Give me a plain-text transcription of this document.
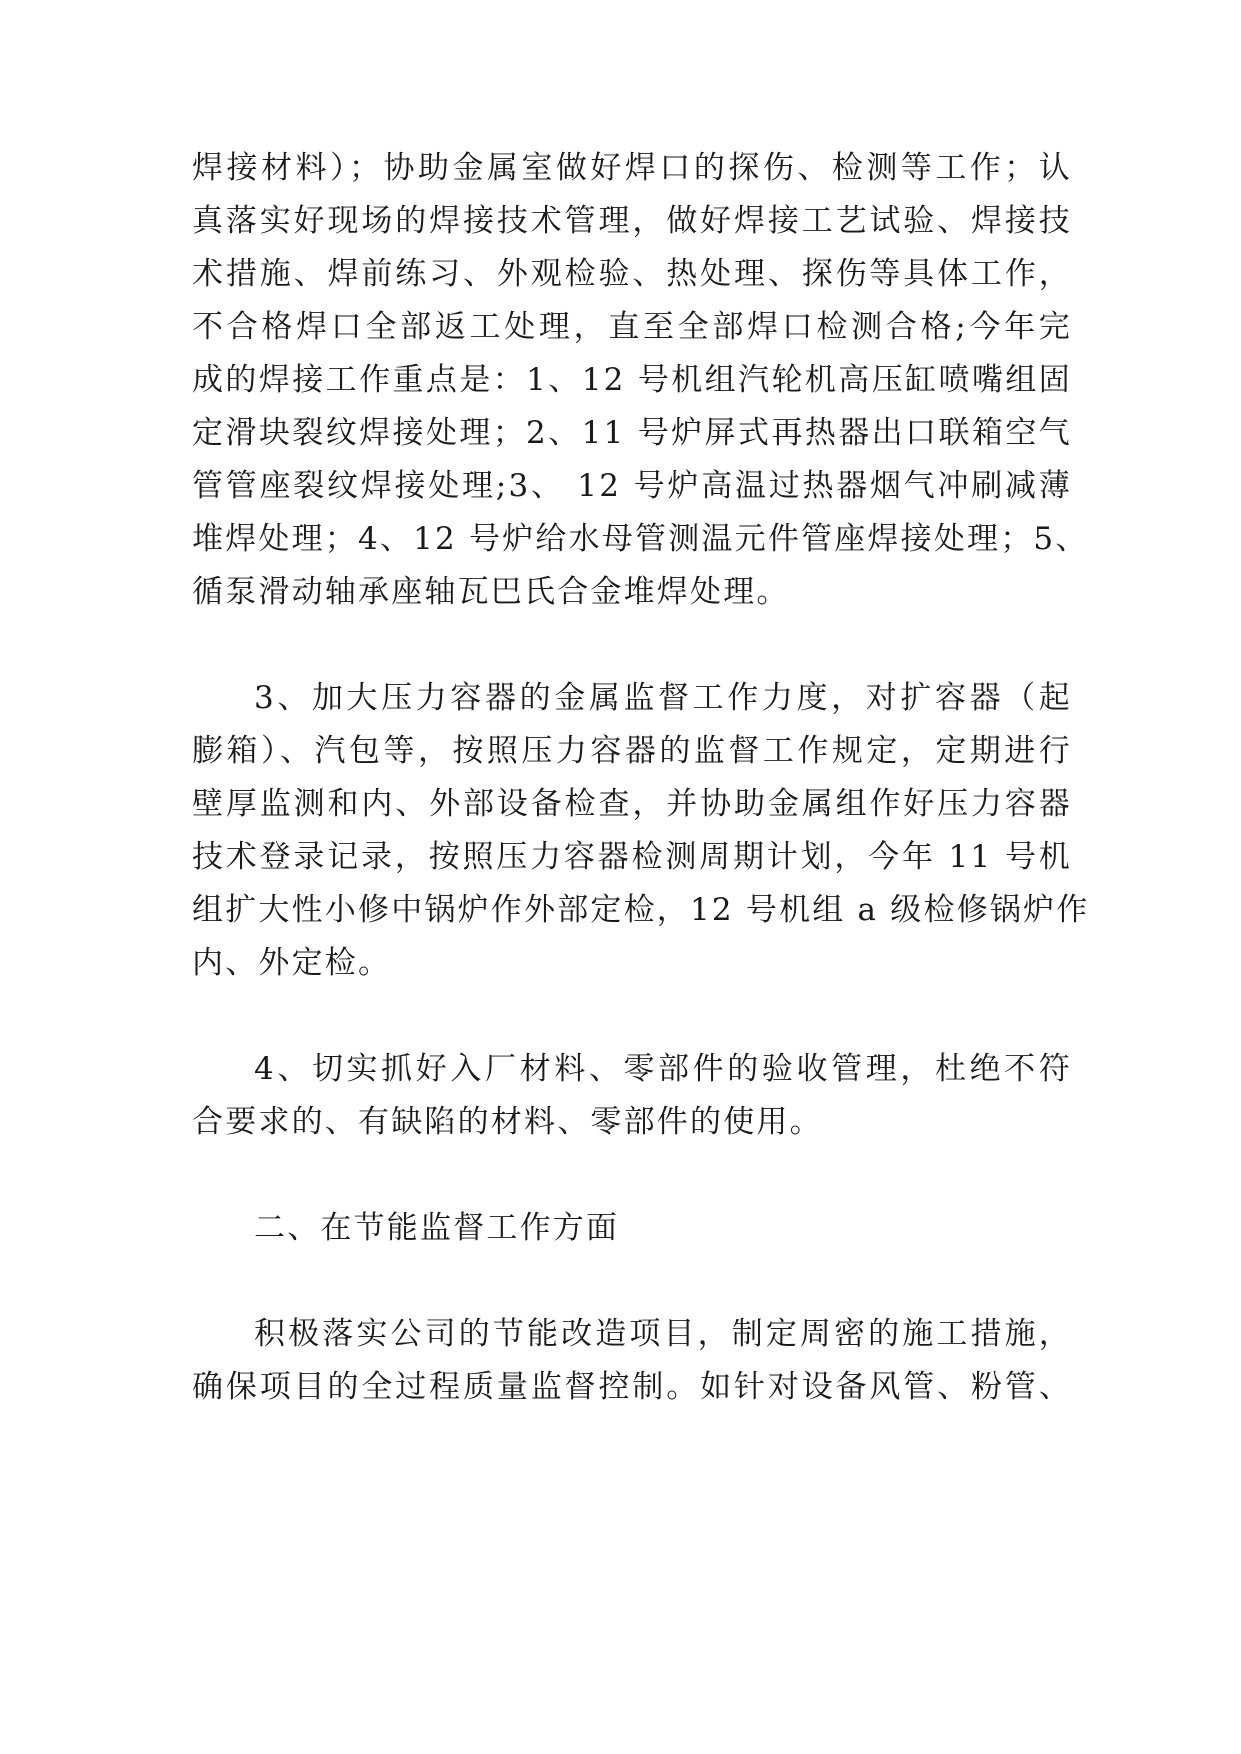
焊接材料）；协助金属室做好焊口的探伤、检测等工作；认
真落实好现场的焊接技术管理，做好焊接工艺试验、焊接技
术措施、焊前练习、外观检验、热处理、探伤等具体工作，
不合格焊口全部返工处理，直至全部焊口检测合格;今年完
成的焊接工作重点是：1、12 号机组汽轮机高压缸喷嘴组固
定滑块裂纹焊接处理；2、11 号炉屏式再热器出口联箱空气
管管座裂纹焊接处理;3、 12 号炉高温过热器烟气冲刷减薄
堆焊处理；4、12 号炉给水母管测温元件管座焊接处理；5、
循泵滑动轴承座轴瓦巴氏合金堆焊处理。
3、加大压力容器的金属监督工作力度，对扩容器（起
膨箱）、汽包等，按照压力容器的监督工作规定，定期进行
壁厚监测和内、外部设备检查，并协助金属组作好压力容器
技术登录记录，按照压力容器检测周期计划，今年 11 号机
组扩大性小修中锅炉作外部定检，12 号机组 a 级检修锅炉作
内、外定检。
4、切实抓好入厂材料、零部件的验收管理，杜绝不符
合要求的、有缺陷的材料、零部件的使用。
二、在节能监督工作方面
积极落实公司的节能改造项目，制定周密的施工措施，
确保项目的全过程质量监督控制。如针对设备风管、粉管、
